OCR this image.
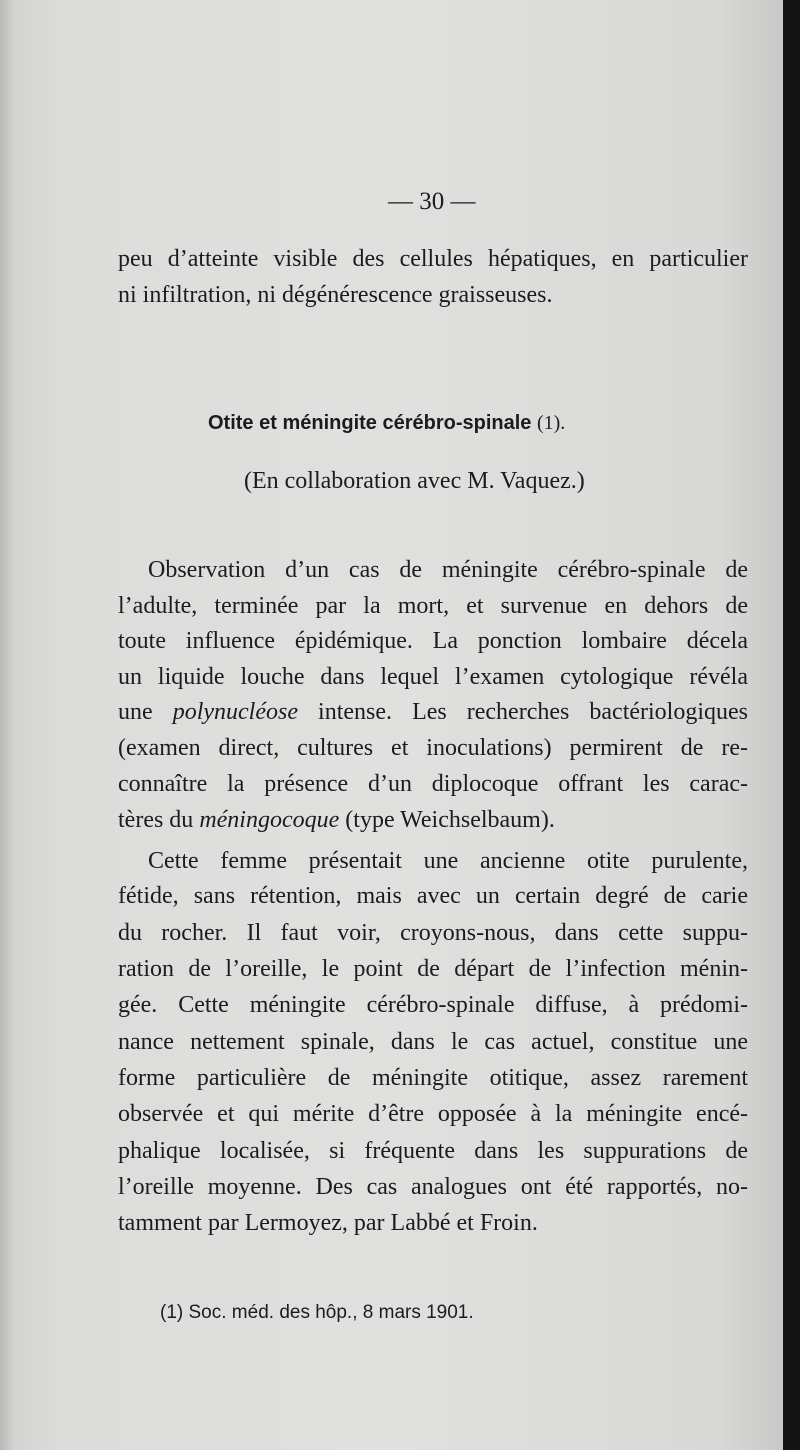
— 30 —
peu d’atteinte visible des cellules hépatiques, en particulier
ni infiltration, ni dégénérescence graisseuses.
Otite et méningite cérébro-spinale (1).
(En collaboration avec M. Vaquez.)
Observation d’un cas de méningite cérébro-spinale de
l’adulte, terminée par la mort, et survenue en dehors de
toute influence épidémique. La ponction lombaire décela
un liquide louche dans lequel l’examen cytologique révéla
une polynucléose intense. Les recherches bactériologiques
(examen direct, cultures et inoculations) permirent de re-
connaître la présence d’un diplocoque offrant les carac-
tères du méningocoque (type Weichselbaum).
Cette femme présentait une ancienne otite purulente,
fétide, sans rétention, mais avec un certain degré de carie
du rocher. Il faut voir, croyons-nous, dans cette suppu-
ration de l’oreille, le point de départ de l’infection ménin-
gée. Cette méningite cérébro-spinale diffuse, à prédomi-
nance nettement spinale, dans le cas actuel, constitue une
forme particulière de méningite otitique, assez rarement
observée et qui mérite d’être opposée à la méningite encé-
phalique localisée, si fréquente dans les suppurations de
l’oreille moyenne. Des cas analogues ont été rapportés, no-
tamment par Lermoyez, par Labbé et Froin.
(1) Soc. méd. des hôp., 8 mars 1901.
